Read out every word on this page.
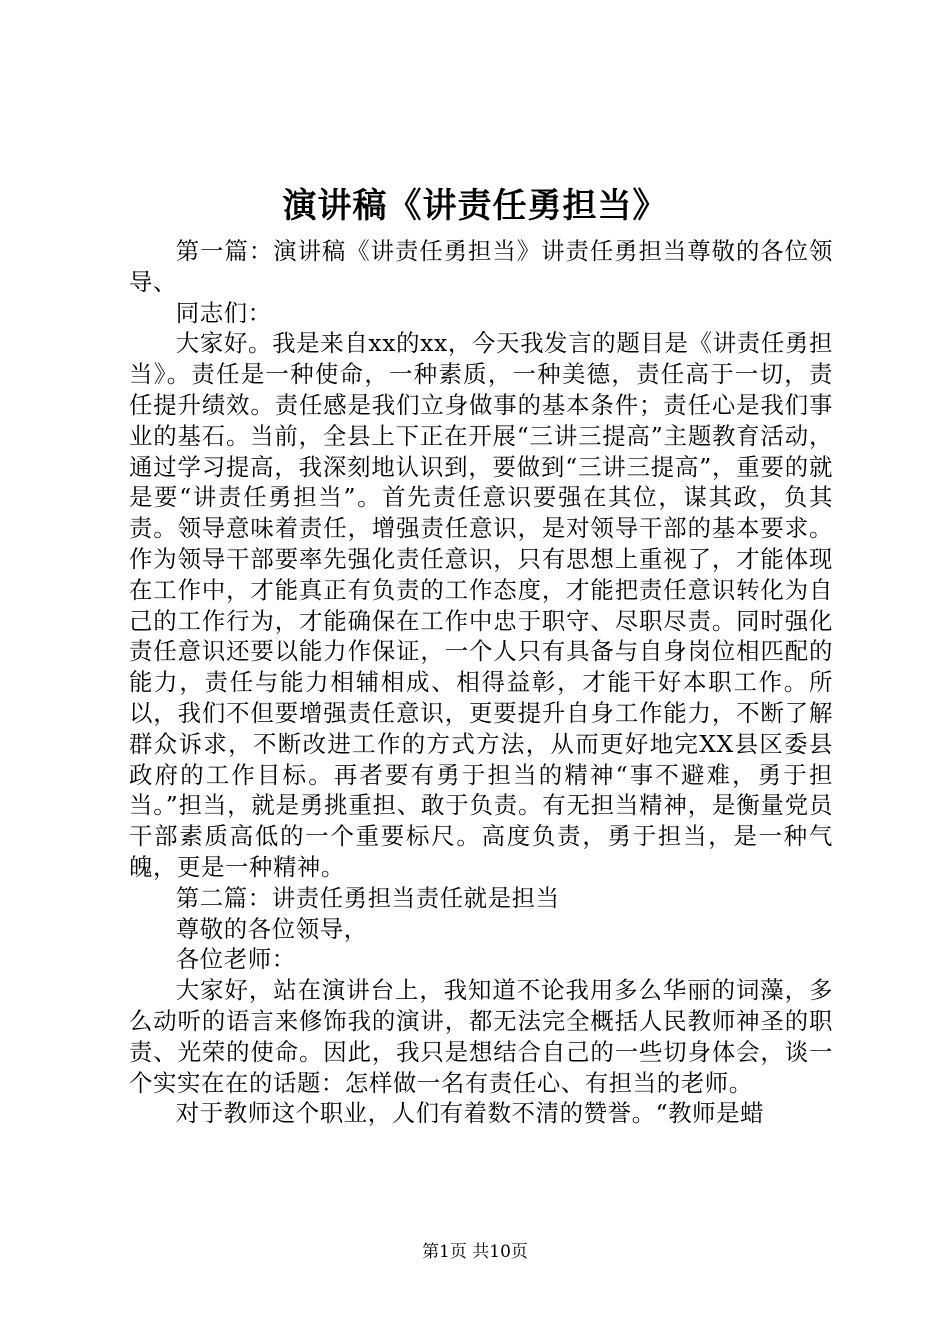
演讲稿《讲责任勇担当》

第一篇：演讲稿《讲责任勇担当》讲责任勇担当尊敬的各位领导、

同志们：

大家好。我是来自xx的xx，今天我发言的题目是《讲责任勇担当》。责任是一种使命，一种素质，一种美德，责任高于一切，责任提升绩效。责任感是我们立身做事的基本条件；责任心是我们事业的基石。当前，全县上下正在开展“三讲三提高”主题教育活动，通过学习提高，我深刻地认识到，要做到“三讲三提高”，重要的就是要“讲责任勇担当”。首先责任意识要强在其位，谋其政，负其责。领导意味着责任，增强责任意识，是对领导干部的基本要求。作为领导干部要率先强化责任意识，只有思想上重视了，才能体现在工作中，才能真正有负责的工作态度，才能把责任意识转化为自己的工作行为，才能确保在工作中忠于职守、尽职尽责。同时强化责任意识还要以能力作保证，一个人只有具备与自身岗位相匹配的能力，责任与能力相辅相成、相得益彰，才能干好本职工作。所以，我们不但要增强责任意识，更要提升自身工作能力，不断了解群众诉求，不断改进工作的方式方法，从而更好地完XX县区委县政府的工作目标。再者要有勇于担当的精神“事不避难，勇于担当。”担当，就是勇挑重担、敢于负责。有无担当精神，是衡量党员干部素质高低的一个重要标尺。高度负责，勇于担当，是一种气魄，更是一种精神。

第二篇：讲责任勇担当责任就是担当

尊敬的各位领导，

各位老师：

大家好，站在演讲台上，我知道不论我用多么华丽的词藻，多么动听的语言来修饰我的演讲，都无法完全概括人民教师神圣的职责、光荣的使命。因此，我只是想结合自己的一些切身体会，谈一个实实在在的话题：怎样做一名有责任心、有担当的老师。

对于教师这个职业，人们有着数不清的赞誉。“教师是蜡

第1页 共10页
